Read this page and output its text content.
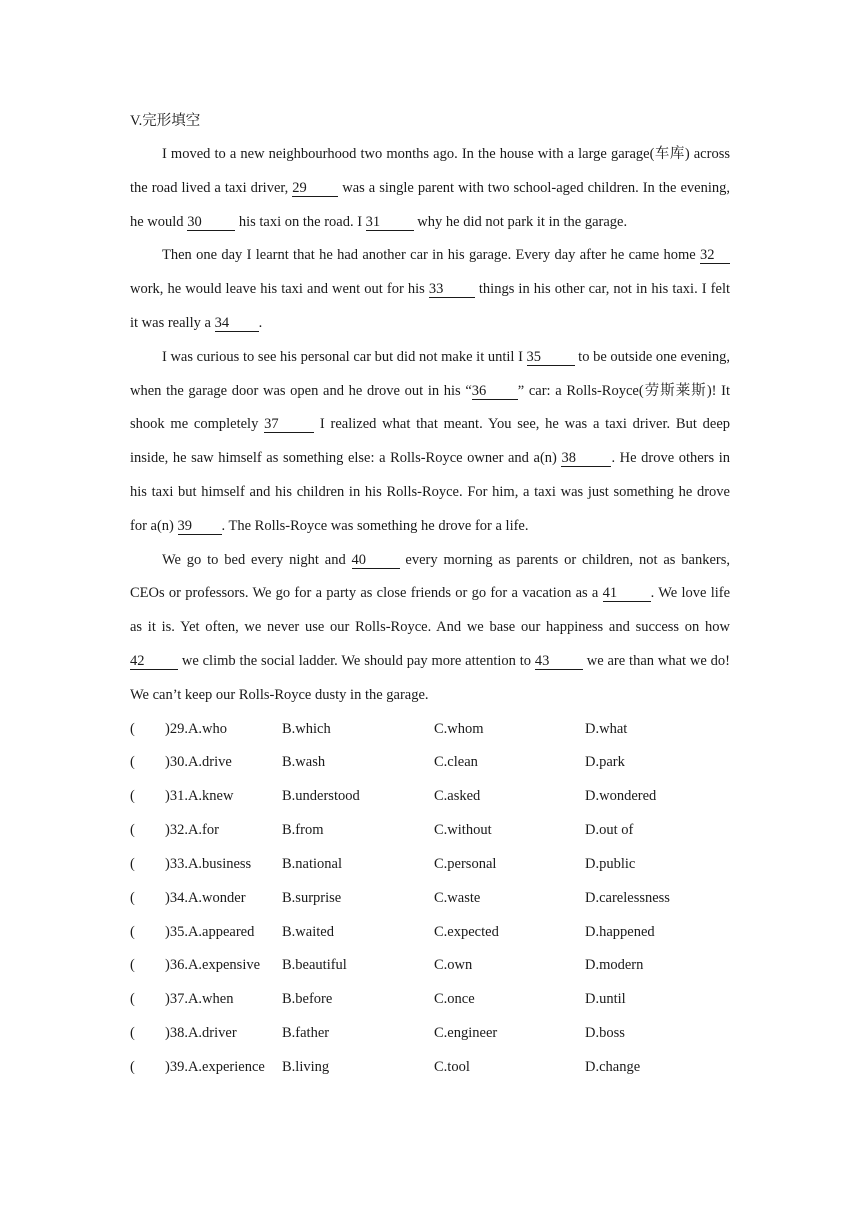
V.完形填空

I moved to a new neighbourhood two months ago. In the house with a large garage(车库) across the road lived a taxi driver, 29 was a single parent with two school-aged children. In the evening, he would 30 his taxi on the road. I 31 why he did not park it in the garage.

Then one day I learnt that he had another car in his garage. Every day after he came home 32 work, he would leave his taxi and went out for his 33 things in his other car, not in his taxi. I felt it was really a 34 .

I was curious to see his personal car but did not make it until I 35 to be outside one evening, when the garage door was open and he drove out in his “36 ” car: a Rolls-Royce(劳斯莱斯)! It shook me completely 37 I realized what that meant. You see, he was a taxi driver. But deep inside, he saw himself as something else: a Rolls-Royce owner and a(n) 38 . He drove others in his taxi but himself and his children in his Rolls-Royce. For him, a taxi was just something he drove for a(n) 39 . The Rolls-Royce was something he drove for a life.

We go to bed every night and 40 every morning as parents or children, not as bankers, CEOs or professors. We go for a party as close friends or go for a vacation as a 41 . We love life as it is. Yet often, we never use our Rolls-Royce. And we base our happiness and success on how 42 we climb the social ladder. We should pay more attention to 43 we are than what we do! We can’t keep our Rolls-Royce dusty in the garage.

( )29.A.who	B.which	C.whom	D.what
( )30.A.drive	B.wash	C.clean	D.park
( )31.A.knew	B.understood	C.asked	D.wondered
( )32.A.for	B.from	C.without	D.out of
( )33.A.business B.national	C.personal	D.public
( )34.A.wonder	B.surprise	C.waste	D.carelessness
( )35.A.appeared B.waited	C.expected	D.happened
( )36.A.expensive B.beautiful	C.own	D.modern
( )37.A.when	B.before	C.once	D.until
( )38.A.driver	B.father	C.engineer	D.boss
( )39.A.experience B.living	C.tool	D.change
